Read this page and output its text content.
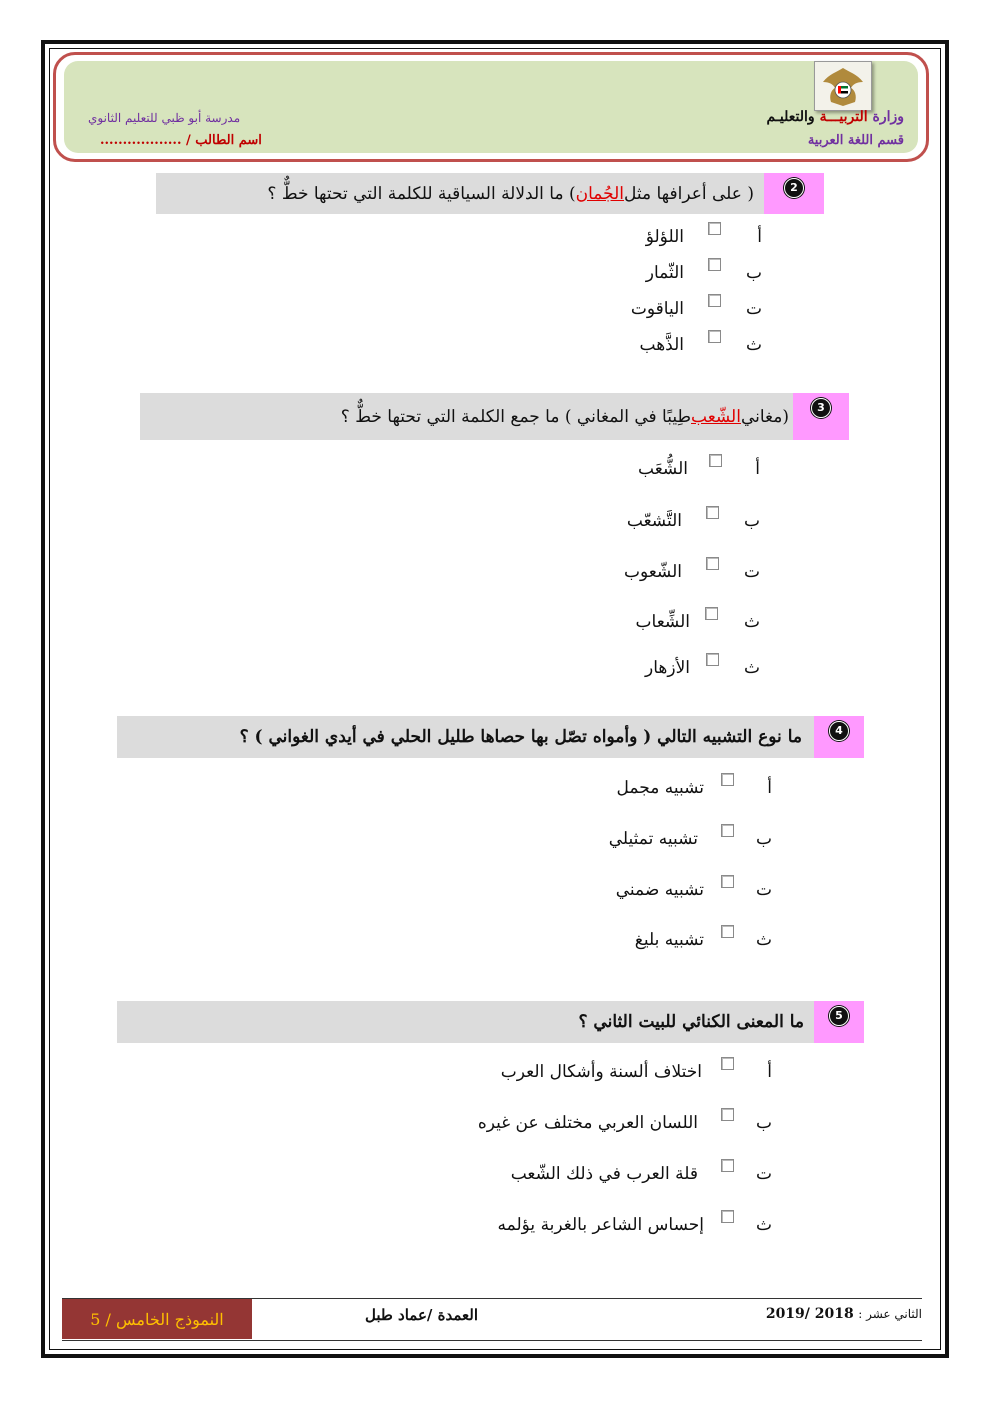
وزارة التربيـــة والتعليـم
قسم اللغة العربية
مدرسة أبو ظبي للتعليم الثانوي
اسم الطالب / ..................
2
( على أعرافها مثل
الجُمان
) ما الدلالة السياقية للكلمة التي تحتها خطٌّ ؟
أ
اللؤلؤ
ب
الثّمار
ت
الياقوت
ث
الذَّهب
3
(مغاني
الشّعب
طِيبًا في المغاني ) ما جمع الكلمة التي تحتها خطٌّ ؟
أ
الشُّعَب
ب
التَّشعّب
ت
الشّعوب
ث
الشِّعاب
ث
الأزهار
4
ما نوع التشبيه التالي ( وأمواه تصّل بها حصاها طليل الحلي في أيدي الغواني ) ؟
أ
تشبيه مجمل
ب
تشبيه تمثيلي
ت
تشبيه ضمني
ث
تشبيه بليغ
5
ما المعنى الكنائي للبيت الثاني ؟
أ
اختلاف ألسنة وأشكال العرب
ب
اللسان العربي مختلف عن غيره
ت
قلة العرب في ذلك الشّعب
ث
إحساس الشاعر بالغربة يؤلمه
النموذج الخامس / 5	العمدة /عماد طبل	الثاني عشر : 2018 /2019
